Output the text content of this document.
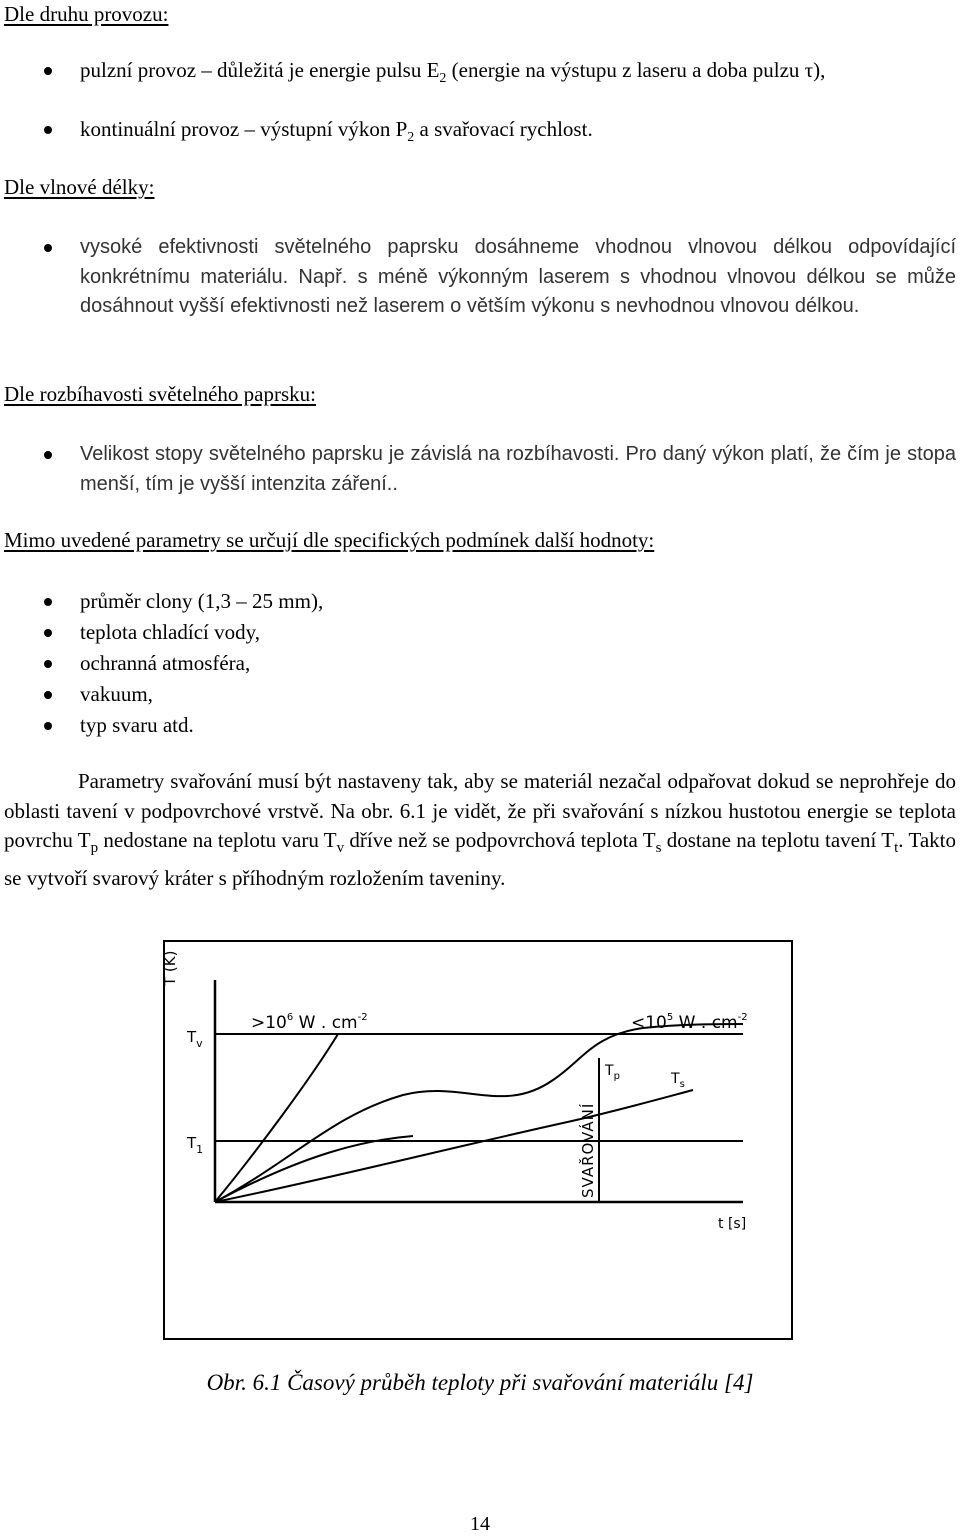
Dle druhu provozu:
pulzní provoz – důležitá je energie pulsu $E_2$ (energie na výstupu z laseru a doba pulzu τ),
kontinuální provoz – výstupní výkon $P_2$ a svařovací rychlost.
Dle vlnové délky:
vysoké efektivnosti světelného paprsku dosáhneme vhodnou vlnovou délkou odpovídající konkrétnímu materiálu. Např. s méně výkonným laserem s vhodnou vlnovou délkou se může dosáhnout vyšší efektivnosti než laserem o větším výkonu s nevhodnou vlnovou délkou.
Dle rozbíhavosti světelného paprsku:
Velikost stopy světelného paprsku je závislá na rozbíhavosti. Pro daný výkon platí, že čím je stopa menší, tím je vyšší intenzita záření..
Mimo uvedené parametry se určují dle specifických podmínek další hodnoty:
průměr clony (1,3 – 25 mm),
teplota chladící vody,
ochranná atmosféra,
vakuum,
typ svaru atd.
Parametry svařování musí být nastaveny tak, aby se materiál nezačal odpařovat dokud se neprohřeje do oblasti tavení v podpovrchové vrstvě. Na obr. 6.1 je vidět, že při svařování s nízkou hustotou energie se teplota povrchu $T_p$ nedostane na teplotu varu $T_v$ dříve než se podpovrchová teplota $T_s$ dostane na teplotu tavení $T_t$. Takto se vytvoří svarový kráter s příhodným rozložením taveniny.
T (K)
t [s]
$T_v$
$T_1$
$T_p$	$T_s$
$>10^6$ W . $cm^{-2}$	$<10^5$ W . $cm^{-2}$
SVAŘOVÁNÍ
Obr. 6.1 Časový průběh teploty při svařování materiálu [4]
14
